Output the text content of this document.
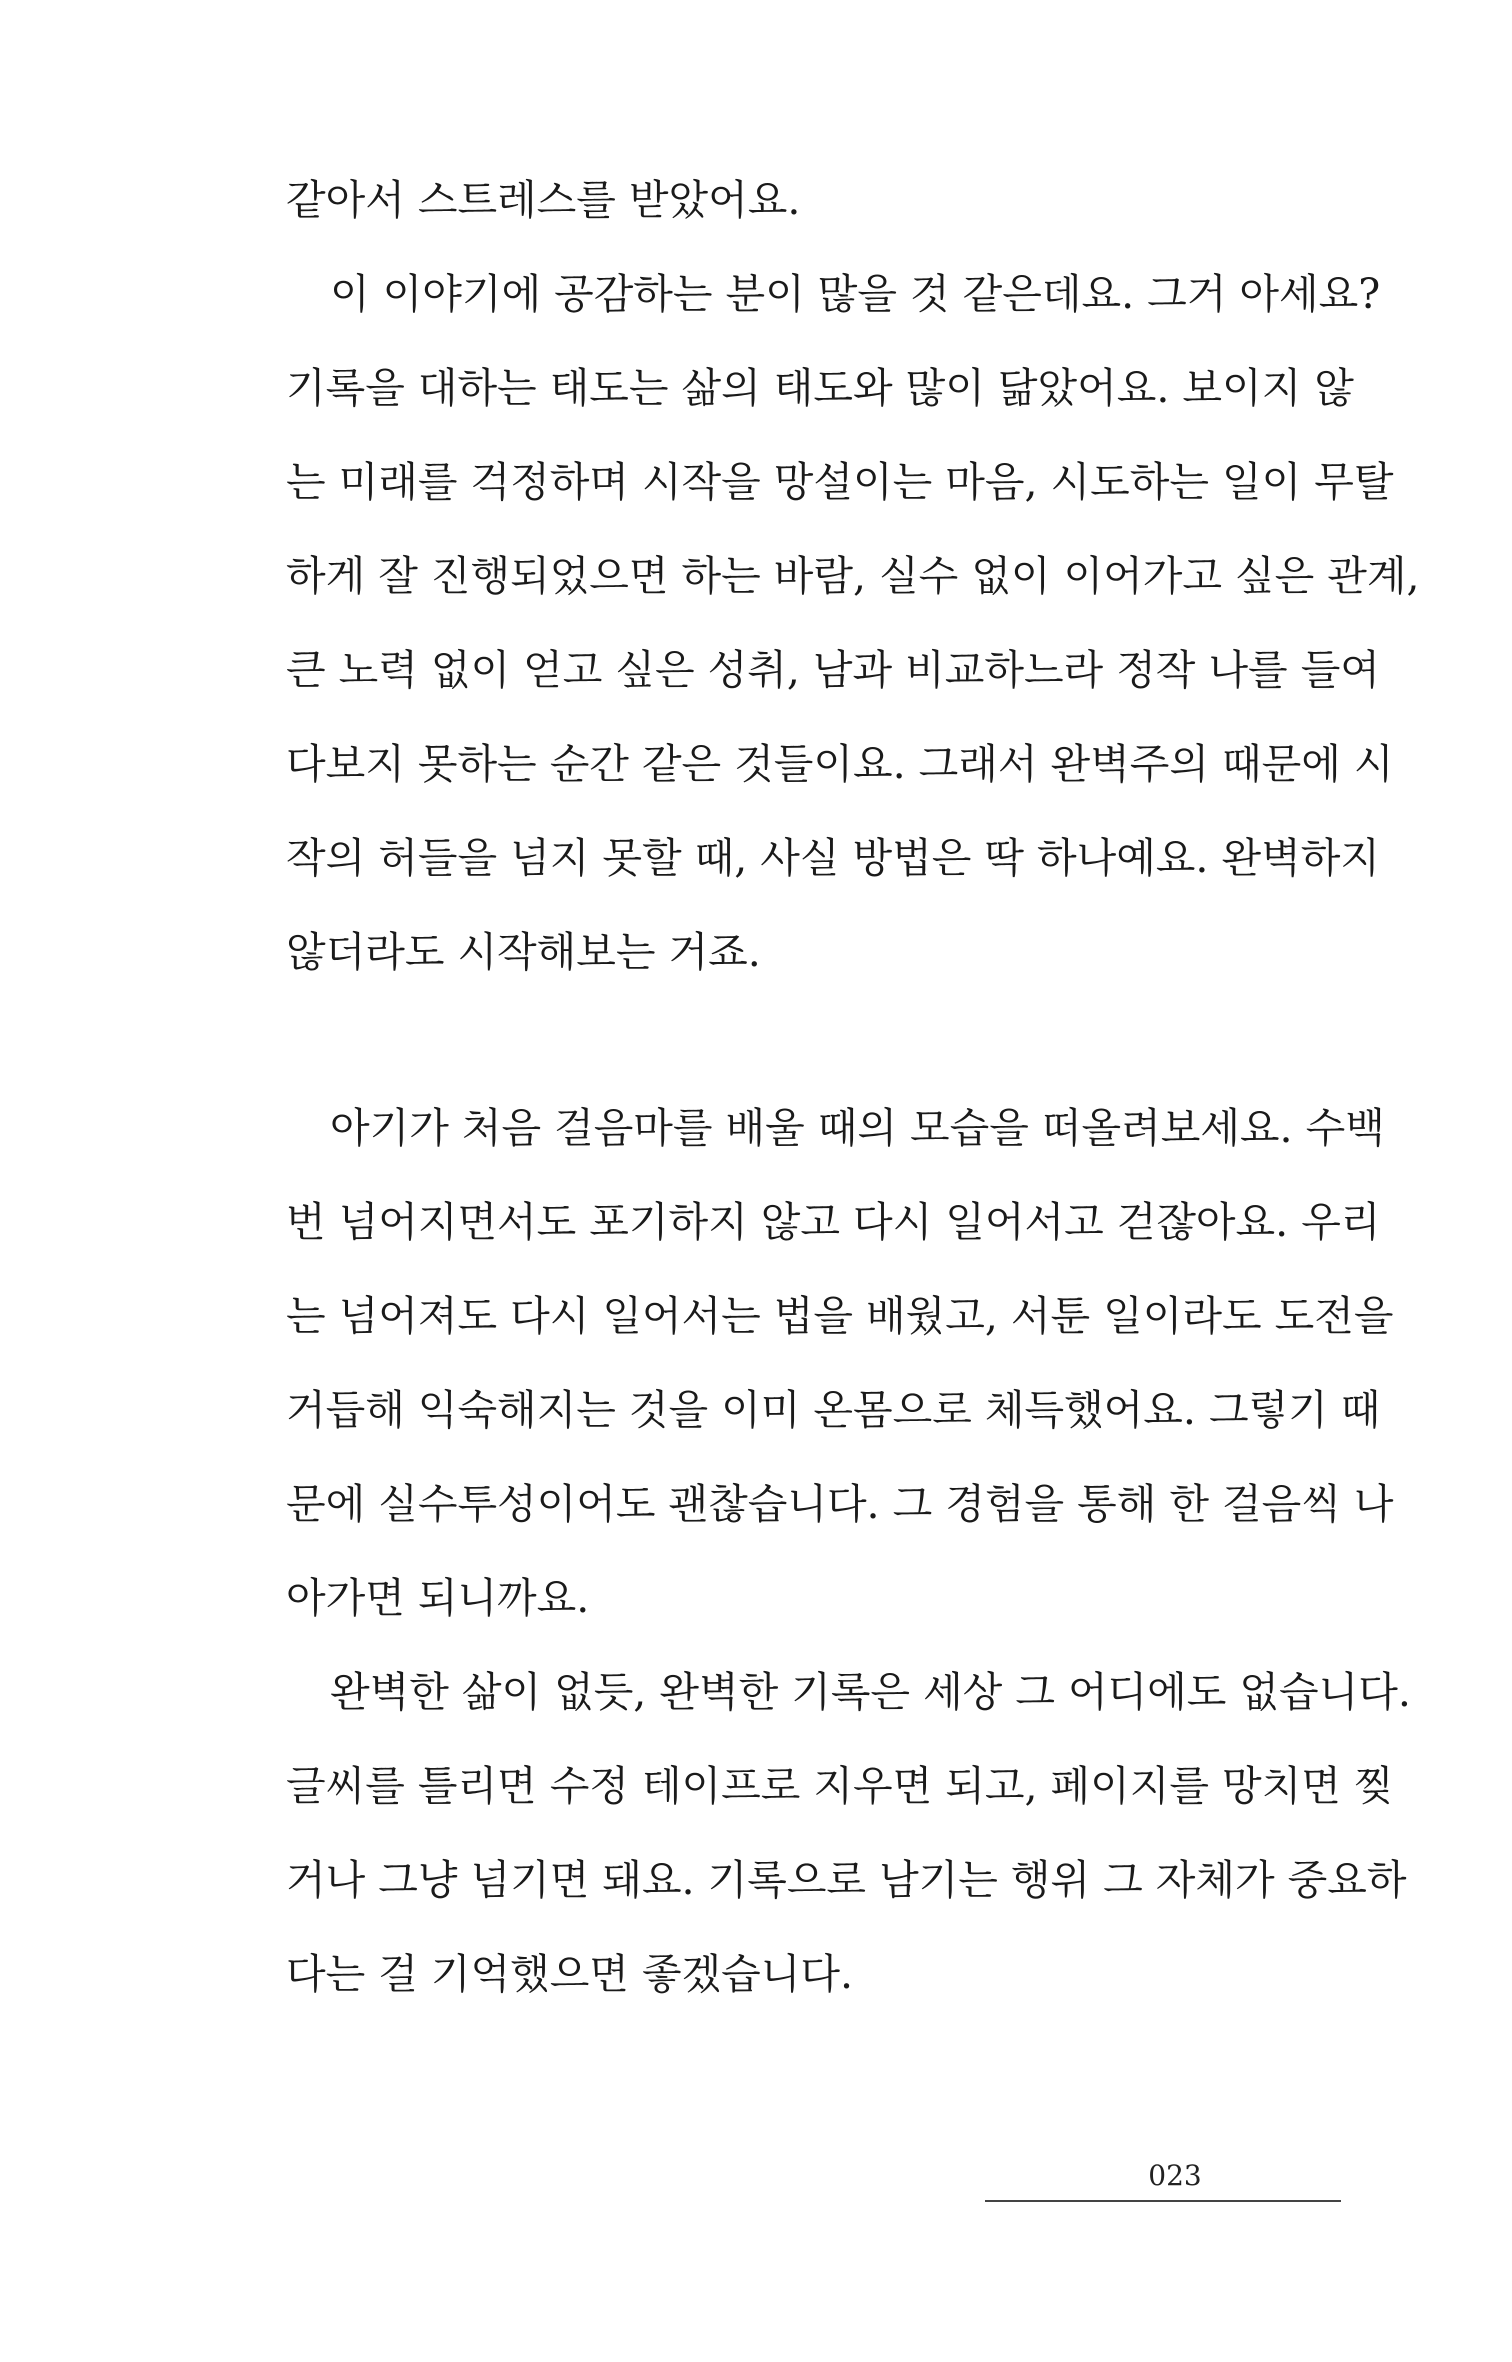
같아서 스트레스를 받았어요.
이 이야기에 공감하는 분이 많을 것 같은데요. 그거 아세요?
기록을 대하는 태도는 삶의 태도와 많이 닮았어요. 보이지 않
는 미래를 걱정하며 시작을 망설이는 마음, 시도하는 일이 무탈
하게 잘 진행되었으면 하는 바람, 실수 없이 이어가고 싶은 관계,
큰 노력 없이 얻고 싶은 성취, 남과 비교하느라 정작 나를 들여
다보지 못하는 순간 같은 것들이요. 그래서 완벽주의 때문에 시
작의 허들을 넘지 못할 때, 사실 방법은 딱 하나예요. 완벽하지
않더라도 시작해보는 거죠.
아기가 처음 걸음마를 배울 때의 모습을 떠올려보세요. 수백
번 넘어지면서도 포기하지 않고 다시 일어서고 걷잖아요. 우리
는 넘어져도 다시 일어서는 법을 배웠고, 서툰 일이라도 도전을
거듭해 익숙해지는 것을 이미 온몸으로 체득했어요. 그렇기 때
문에 실수투성이어도 괜찮습니다. 그 경험을 통해 한 걸음씩 나
아가면 되니까요.
완벽한 삶이 없듯, 완벽한 기록은 세상 그 어디에도 없습니다.
글씨를 틀리면 수정 테이프로 지우면 되고, 페이지를 망치면 찢
거나 그냥 넘기면 돼요. 기록으로 남기는 행위 그 자체가 중요하
다는 걸 기억했으면 좋겠습니다.
023
